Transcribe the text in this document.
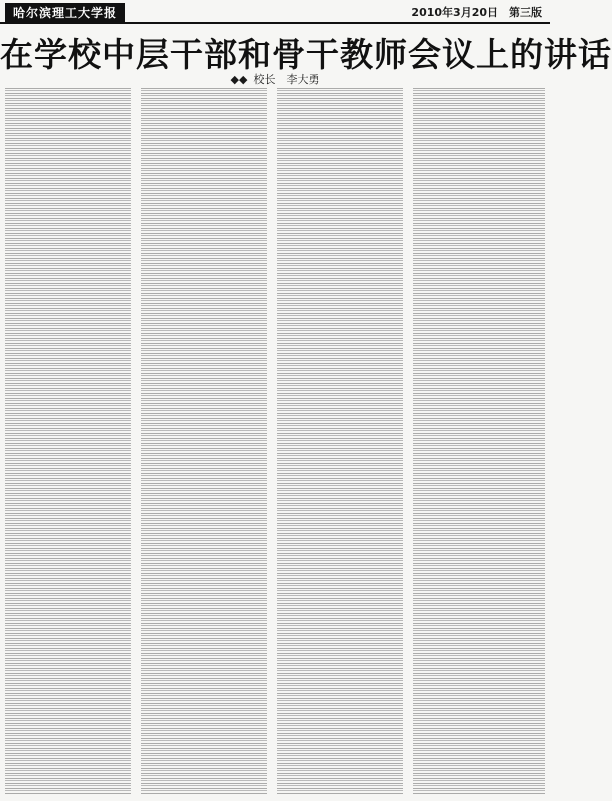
哈尔滨理工大学报	2010年3月20日　第三版
在学校中层干部和骨干教师会议上的讲话
◆◆ 校长　李大勇
